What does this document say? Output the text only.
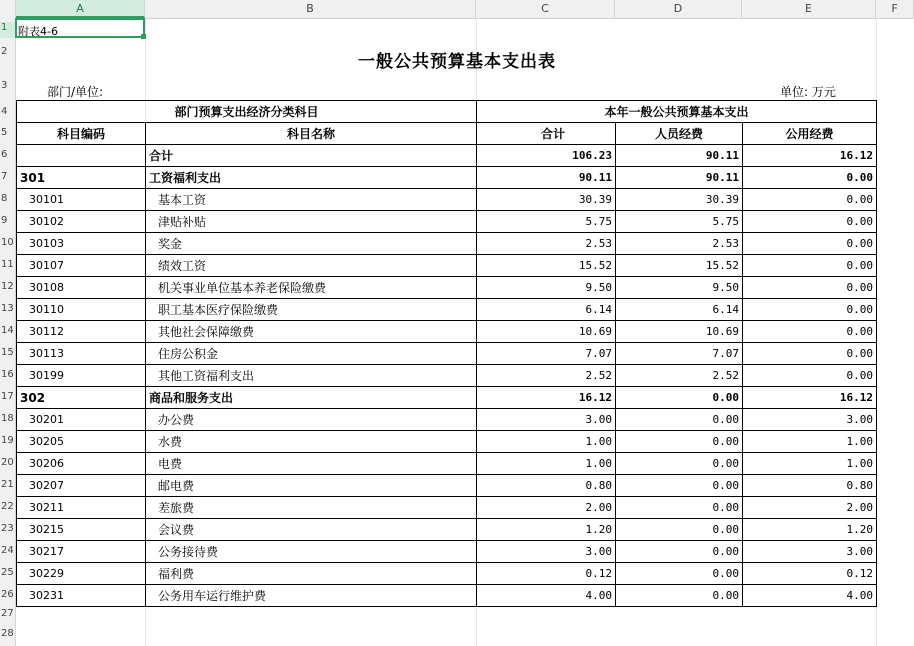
A	B	C	D	E	F
1
2
3
4
5
6
7
8
9
10
11
12
13
14
15
16
17
18
19
20
21
22
23
24
25
26
27
28
附表4-6
一般公共预算基本支出表
部门/单位:	单位: 万元
部门预算支出经济分类科目		本年一般公共预算基本支出		
科目编码	科目名称	合计	人员经费	公用经费
	合计	106.23	90.11	16.12
301	工资福利支出	90.11	90.11	0.00
30101	基本工资	30.39	30.39	0.00
30102	津贴补贴	5.75	5.75	0.00
30103	奖金	2.53	2.53	0.00
30107	绩效工资	15.52	15.52	0.00
30108	机关事业单位基本养老保险缴费	9.50	9.50	0.00
30110	职工基本医疗保险缴费	6.14	6.14	0.00
30112	其他社会保障缴费	10.69	10.69	0.00
30113	住房公积金	7.07	7.07	0.00
30199	其他工资福利支出	2.52	2.52	0.00
302	商品和服务支出	16.12	0.00	16.12
30201	办公费	3.00	0.00	3.00
30205	水费	1.00	0.00	1.00
30206	电费	1.00	0.00	1.00
30207	邮电费	0.80	0.00	0.80
30211	差旅费	2.00	0.00	2.00
30215	会议费	1.20	0.00	1.20
30217	公务接待费	3.00	0.00	3.00
30229	福利费	0.12	0.00	0.12
30231	公务用车运行维护费	4.00	0.00	4.00
